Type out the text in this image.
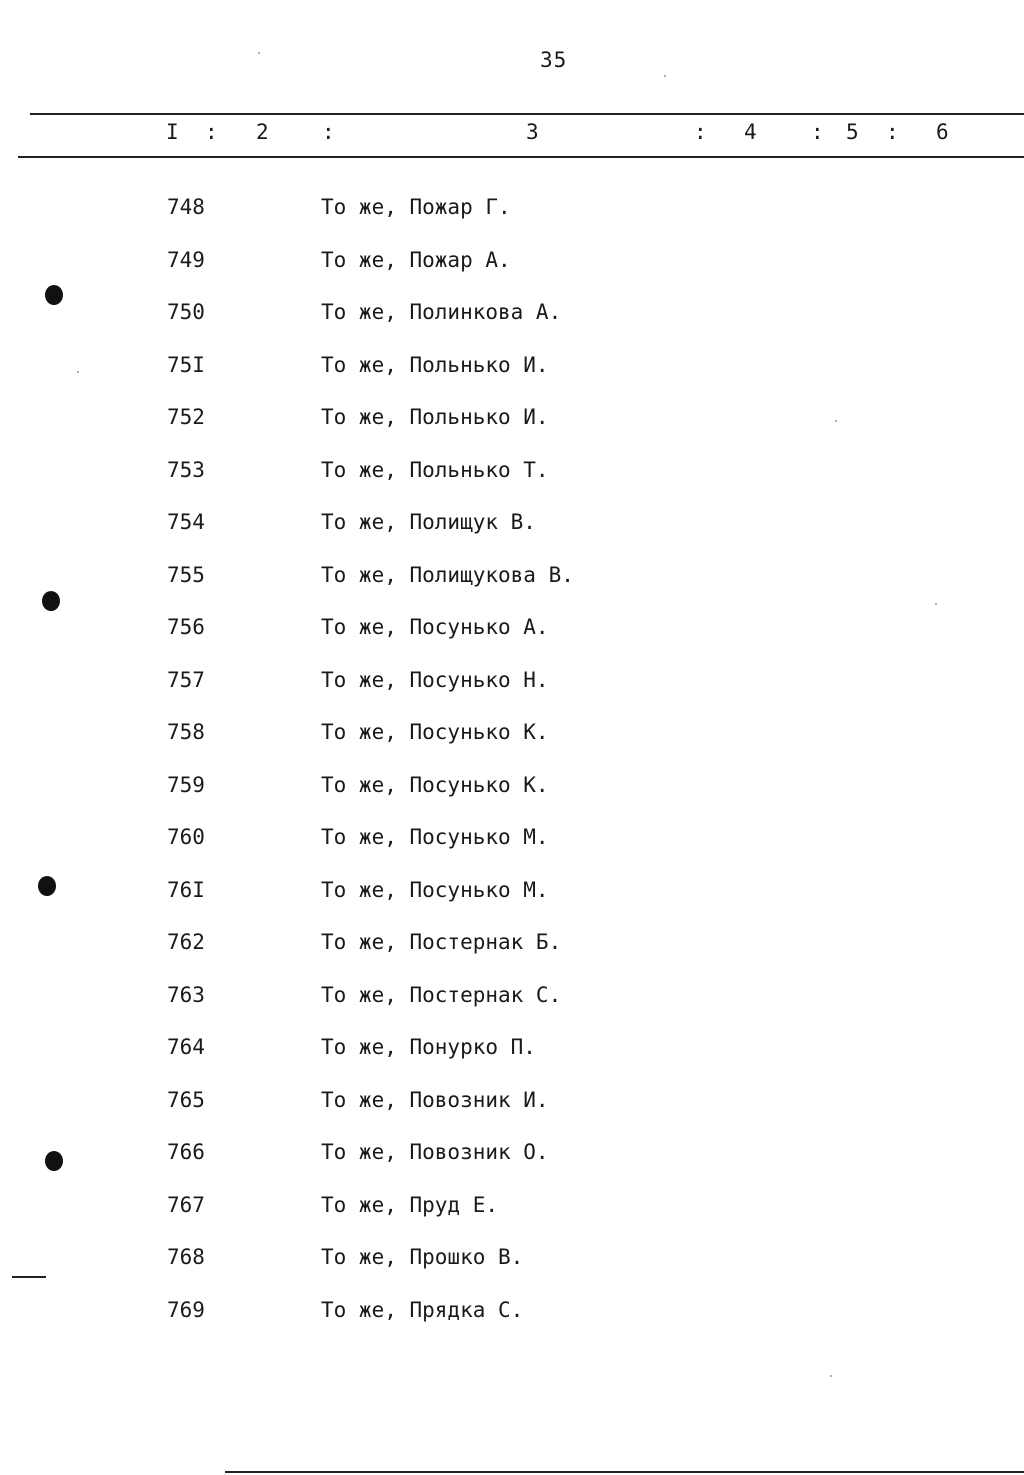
35
I : 2	:	3	: 4	: 5 : 6
748	То же, Пожар Г.
749	То же, Пожар А.
750	То же, Полинкова А.
75I	То же, Польнько И.
752	То же, Польнько И.
753	То же, Польнько Т.
754	То же, Полищук В.
755	То же, Полищукова В.
756	То же, Посунько А.
757	То же, Посунько Н.
758	То же, Посунько К.
759	То же, Посунько К.
760	То же, Посунько М.
76I	То же, Посунько М.
762	То же, Постернак Б.
763	То же, Постернак С.
764	То же, Понурко П.
765	То же, Повозник И.
766	То же, Повозник О.
767	То же, Пруд Е.
768	То же, Прошко В.
769	То же, Прядка С.
